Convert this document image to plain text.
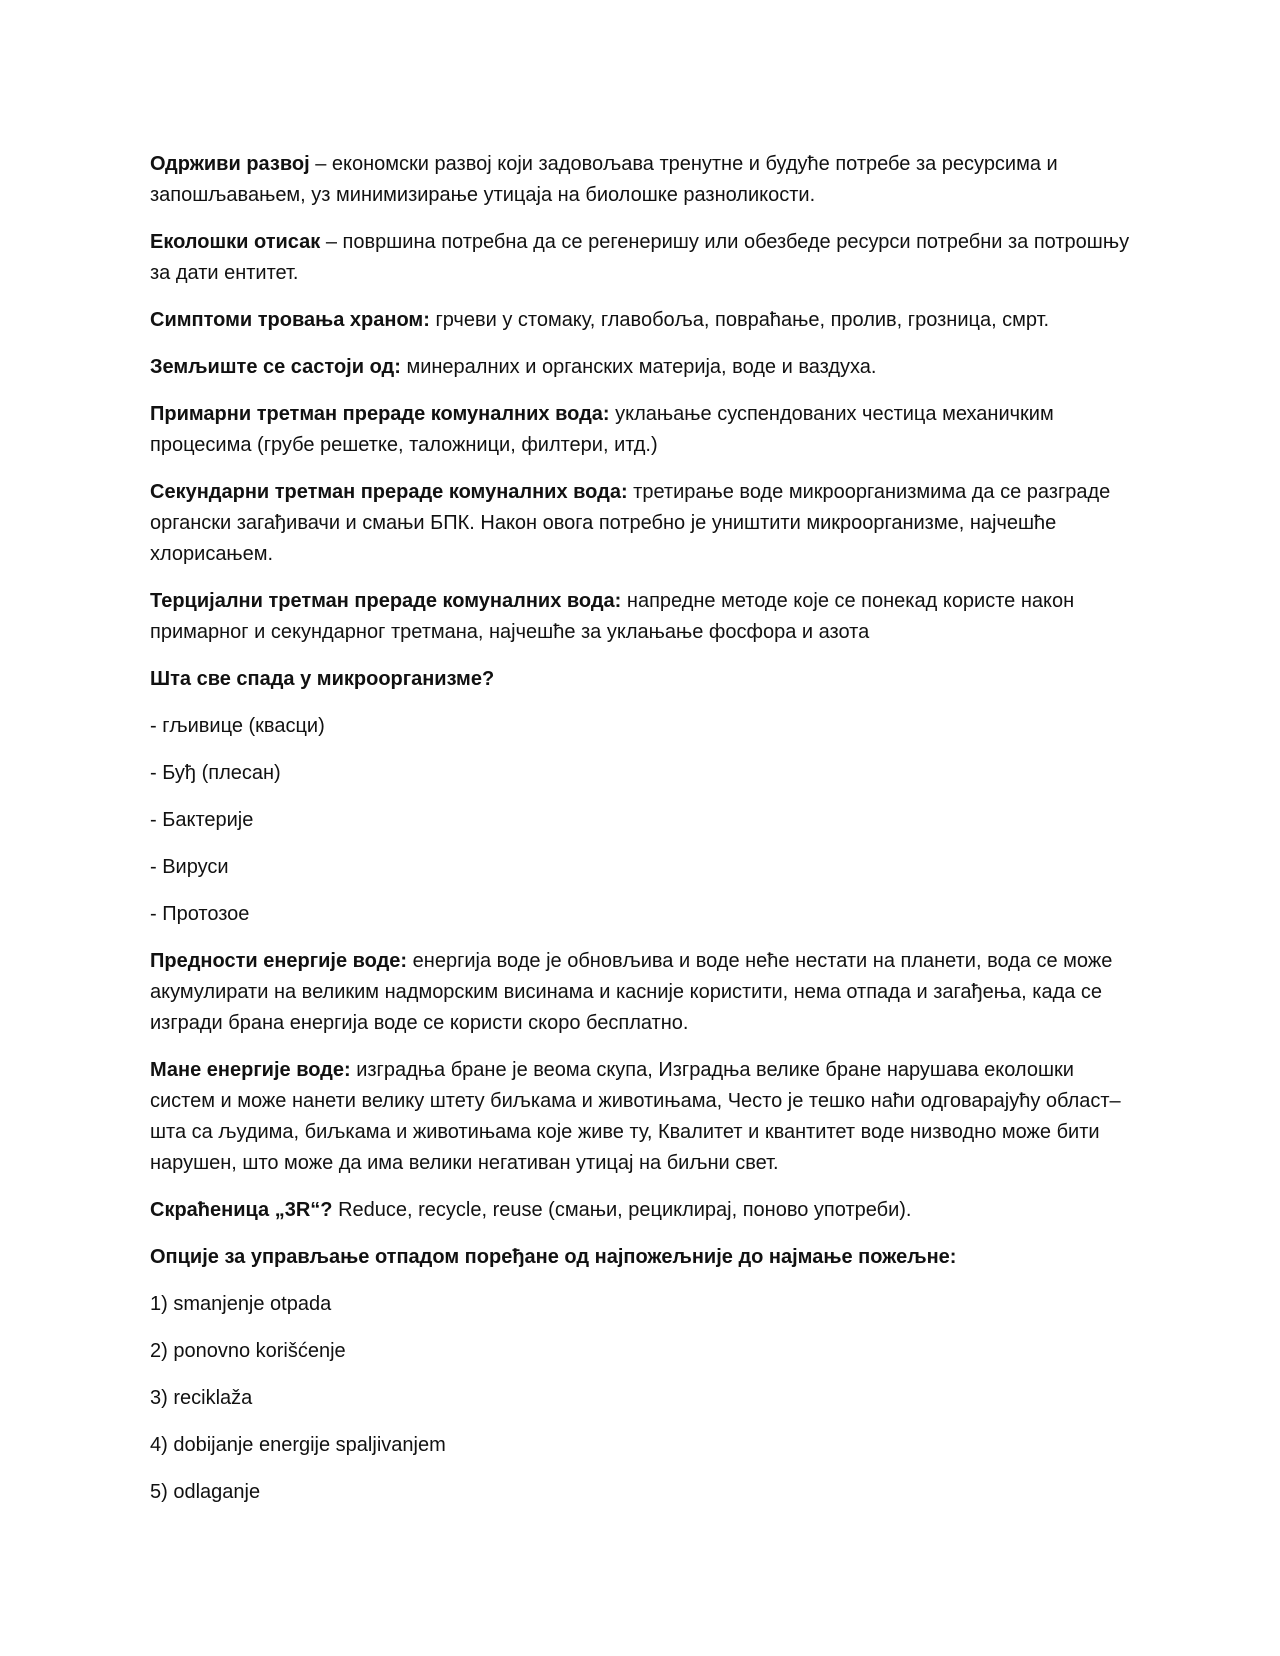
Одрживи развој – економски развој који задовољава тренутне и будуће потребе за ресурсима и запошљавањем, уз минимизирање утицаја на биолошке разноликости.

Еколошки отисак – површина потребна да се регенеришу или обезбеде ресурси потребни за потрошњу за дати ентитет.

Симптоми тровања храном: грчеви у стомаку, главобоља, повраћање, пролив, грозница, смрт.

Земљиште се састоји од: минералних и органских материја, воде и ваздуха.

Примарни третман прераде комуналних вода: уклањање суспендованих честица механичким процесима (грубе решетке, таложници, филтери, итд.)

Секундарни третман прераде комуналних вода: третирање воде микроорганизмима да се разграде органски загађивачи и смањи БПК. Након овога потребно је уништити микроорганизме, најчешће хлорисањем.

Терцијални третман прераде комуналних вода: напредне методе које се понекад користе након примарног и секундарног третмана, најчешће за уклањање фосфора и азота

Шта све спада у микроорганизме?

- гљивице (квасци)

- Буђ (плесан)

- Бактерије

- Вируси

- Протозое

Предности енергије воде: енергија воде је обновљива и воде неће нестати на планети, вода се може акумулирати на великим надморским висинама и касније користити, нема отпада и загађења, када се изгради брана енергија воде се користи скоро бесплатно.

Мане енергије воде: изградња бране је веома скупа, Изградња велике бране нарушава еколошки систем и може нанети велику штету биљкама и животињама, Често је тешко наћи одговарајућу област– шта са људима, биљкама и животињама које живе ту, Квалитет и квантитет воде низводно може бити нарушен, што може да има велики негативан утицај на биљни свет.

Скраћеница „3R“? Reduce, recycle, reuse (смањи, рециклирај, поново употреби).

Опције за управљање отпадом поређане од најпожељније до најмање пожељне:

1) smanjenje otpada

2) ponovno korišćenje

3) reciklaža

4) dobijanje energije spaljivanjem

5) odlaganje
